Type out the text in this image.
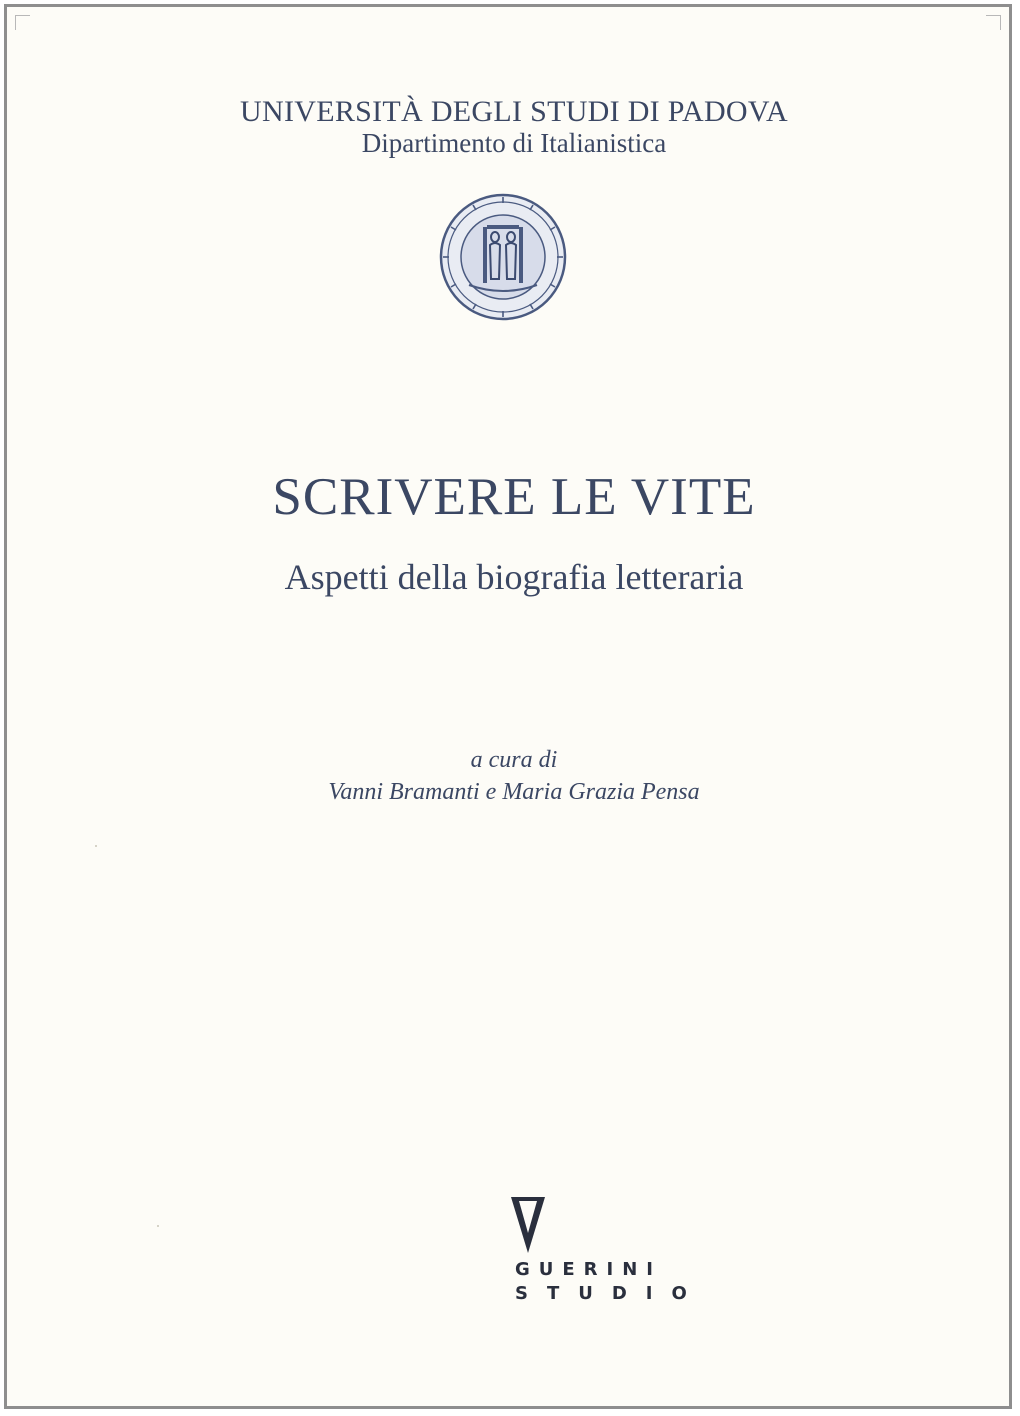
UNIVERSITÀ DEGLI STUDI DI PADOVA
Dipartimento di Italianistica
SCRIVERE LE VITE
Aspetti della biografia letteraria
a cura di
Vanni Bramanti e Maria Grazia Pensa
GUERINI
STUDIO
